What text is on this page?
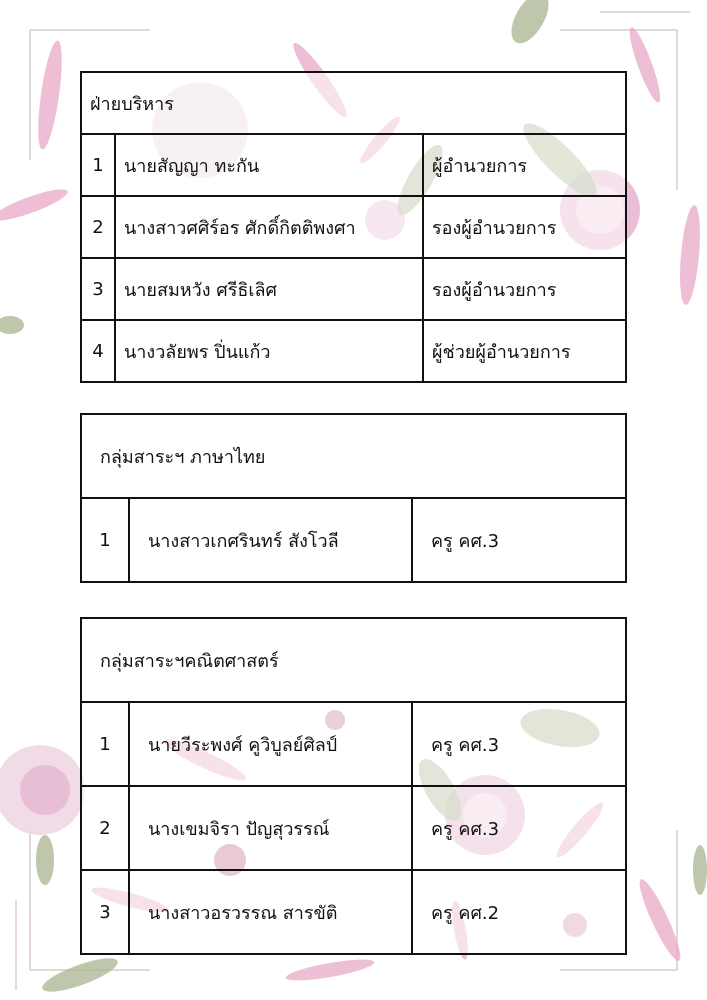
ฝ่ายบริหาร		
1	นายสัญญา ทะกัน	ผู้อำนวยการ
2	นางสาวศศิร์อร ศักดิ์กิตติพงศา	รองผู้อำนวยการ
3	นายสมหวัง ศรีธิเลิศ	รองผู้อำนวยการ
4	นางวลัยพร ปิ่นแก้ว	ผู้ช่วยผู้อำนวยการ
กลุ่มสาระฯ ภาษาไทย
1	นางสาวเกศรินทร์ สังโวลี	ครู คศ.3
กลุ่มสาระฯคณิตศาสตร์		
1	นายวีระพงศ์ คูวิบูลย์ศิลป์	ครู คศ.3
2	นางเขมจิรา ปัญสุวรรณ์	ครู คศ.3
3	นางสาวอรวรรณ สารขัติ	ครู คศ.2
